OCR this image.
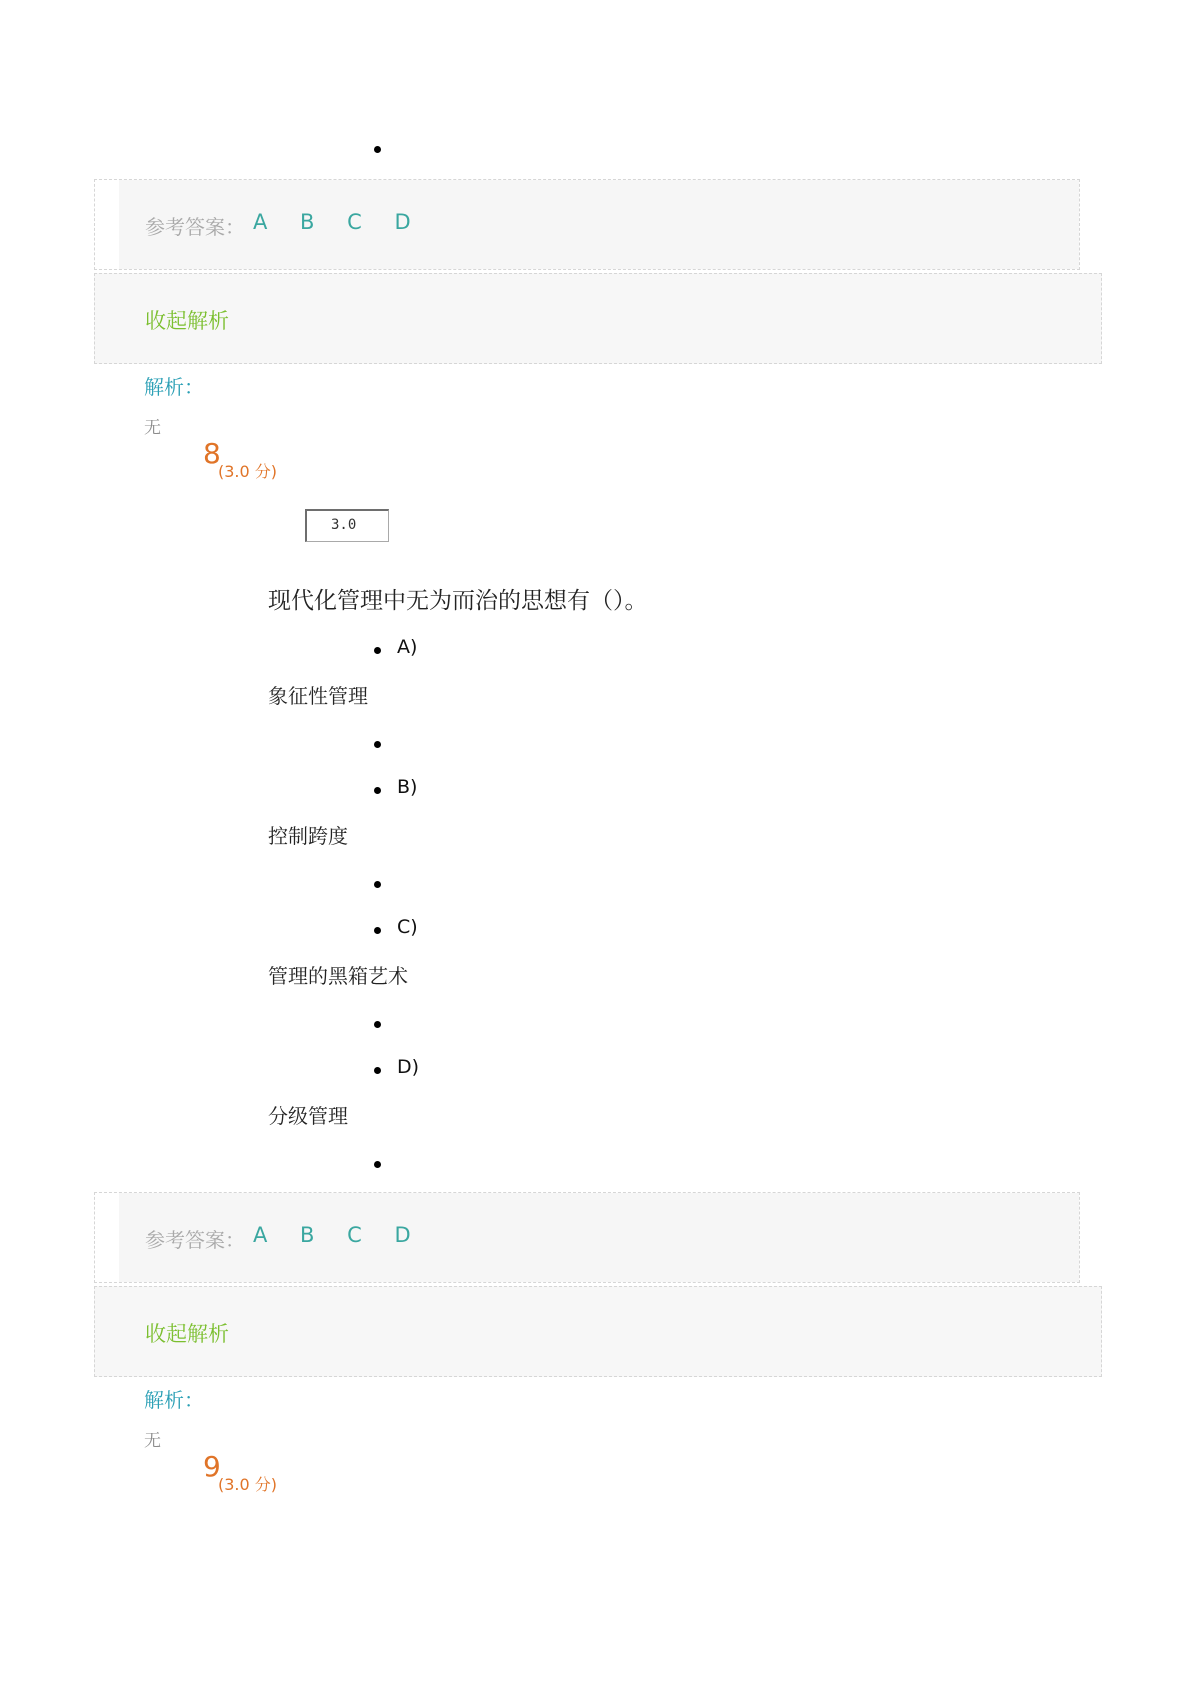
参考答案： A B C D
收起解析
解析：
无
8
(3.0 分)
3.0
现代化管理中无为而治的思想有（）。
A)
象征性管理
B)
控制跨度
C)
管理的黑箱艺术
D)
分级管理
参考答案： A B C D
收起解析
解析：
无
9
(3.0 分)
